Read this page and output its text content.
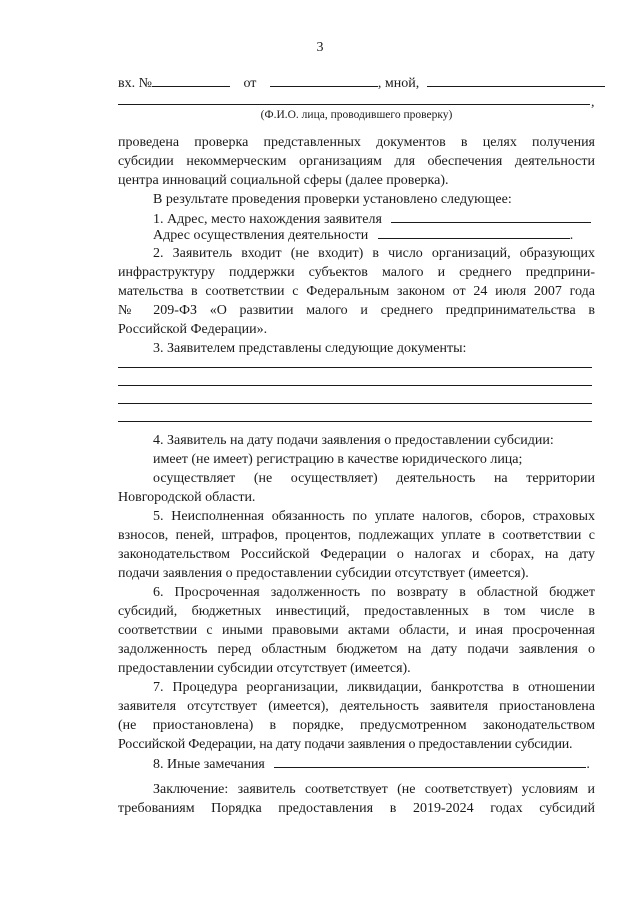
3
вх. №	от	, мной,
,
(Ф.И.О. лица, проводившего проверку)
проведена проверка представленных документов в целях получения
субсидии некоммерческим организациям для обеспечения деятельности
центра инноваций социальной сферы (далее проверка).
В результате проведения проверки установлено следующее:
1. Адрес, место нахождения заявителя
Адрес осуществления деятельности	.
2. Заявитель входит (не входит) в число организаций, образующих
инфраструктуру поддержки субъектов малого и среднего предприни-
мательства в соответствии с Федеральным законом от 24 июля 2007 года
№ 209-ФЗ «О развитии малого и среднего предпринимательства в
Российской Федерации».
3. Заявителем представлены следующие документы:
4. Заявитель на дату подачи заявления о предоставлении субсидии:
имеет (не имеет) регистрацию в качестве юридического лица;
осуществляет (не осуществляет) деятельность на территории
Новгородской области.
5. Неисполненная обязанность по уплате налогов, сборов, страховых
взносов, пеней, штрафов, процентов, подлежащих уплате в соответствии с
законодательством Российской Федерации о налогах и сборах, на дату
подачи заявления о предоставлении субсидии отсутствует (имеется).
6. Просроченная задолженность по возврату в областной бюджет
субсидий, бюджетных инвестиций, предоставленных в том числе в
соответствии с иными правовыми актами области, и иная просроченная
задолженность перед областным бюджетом на дату подачи заявления о
предоставлении субсидии отсутствует (имеется).
7. Процедура реорганизации, ликвидации, банкротства в отношении
заявителя отсутствует (имеется), деятельность заявителя приостановлена
(не приостановлена) в порядке, предусмотренном законодательством
Российской Федерации, на дату подачи заявления о предоставлении субсидии.
8. Иные замечания	.
Заключение: заявитель соответствует (не соответствует) условиям и
требованиям Порядка предоставления в 2019-2024 годах субсидий
